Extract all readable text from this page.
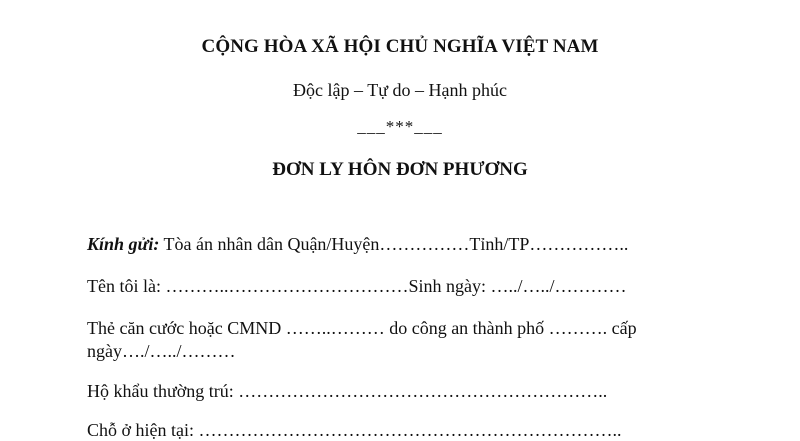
CỘNG HÒA XÃ HỘI CHỦ NGHĨA VIỆT NAM
Độc lập – Tự do – Hạnh phúc
___***___
ĐƠN LY HÔN ĐƠN PHƯƠNG
Kính gửi: Tòa án nhân dân Quận/Huyện……………Tỉnh/TP……………..
Tên tôi là: ………..…………………………Sinh ngày: …../…../…………
Thẻ căn cước hoặc CMND ……..……… do công an thành phố ………. cấp
ngày…./…../………
Hộ khẩu thường trú: ……………………………………………………..
Chỗ ở hiện tại: ……………………………………………………………..
